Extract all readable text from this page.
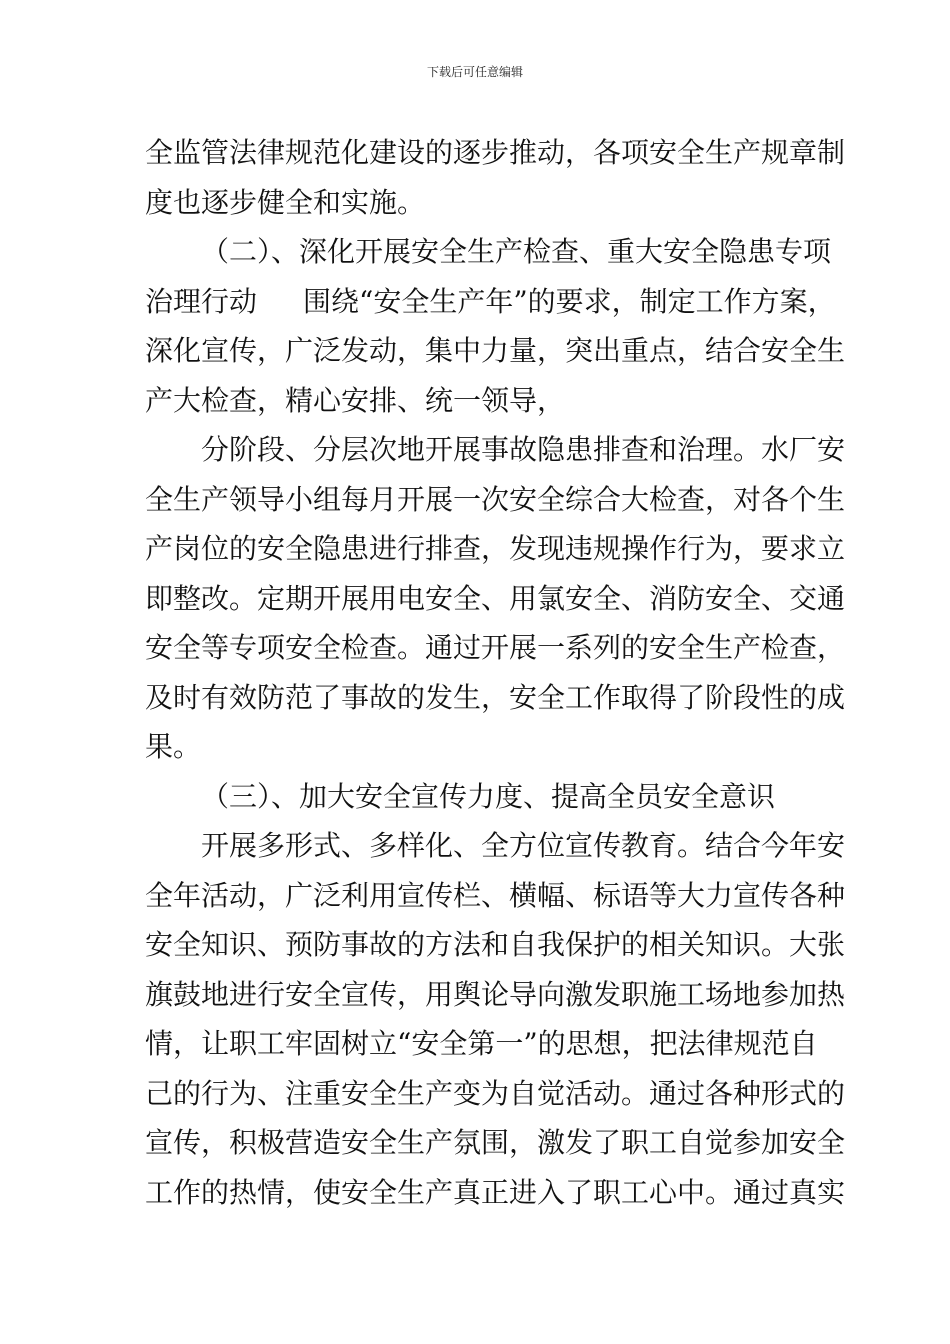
下载后可任意编辑
全监管法律规范化建设的逐步推动，各项安全生产规章制
度也逐步健全和实施。
（二）、深化开展安全生产检查、重大安全隐患专项
治理行动 围绕“安全生产年”的要求，制定工作方案，
深化宣传，广泛发动，集中力量，突出重点，结合安全生
产大检查，精心安排、统一领导，
分阶段、分层次地开展事故隐患排查和治理。水厂安
全生产领导小组每月开展一次安全综合大检查，对各个生
产岗位的安全隐患进行排查，发现违规操作行为，要求立
即整改。定期开展用电安全、用氯安全、消防安全、交通
安全等专项安全检查。通过开展一系列的安全生产检查，
及时有效防范了事故的发生，安全工作取得了阶段性的成
果。
（三）、加大安全宣传力度、提高全员安全意识
开展多形式、多样化、全方位宣传教育。结合今年安
全年活动，广泛利用宣传栏、横幅、标语等大力宣传各种
安全知识、预防事故的方法和自我保护的相关知识。大张
旗鼓地进行安全宣传，用舆论导向激发职施工场地参加热
情，让职工牢固树立“安全第一”的思想，把法律规范自
己的行为、注重安全生产变为自觉活动。通过各种形式的
宣传，积极营造安全生产氛围，激发了职工自觉参加安全
工作的热情，使安全生产真正进入了职工心中。通过真实
